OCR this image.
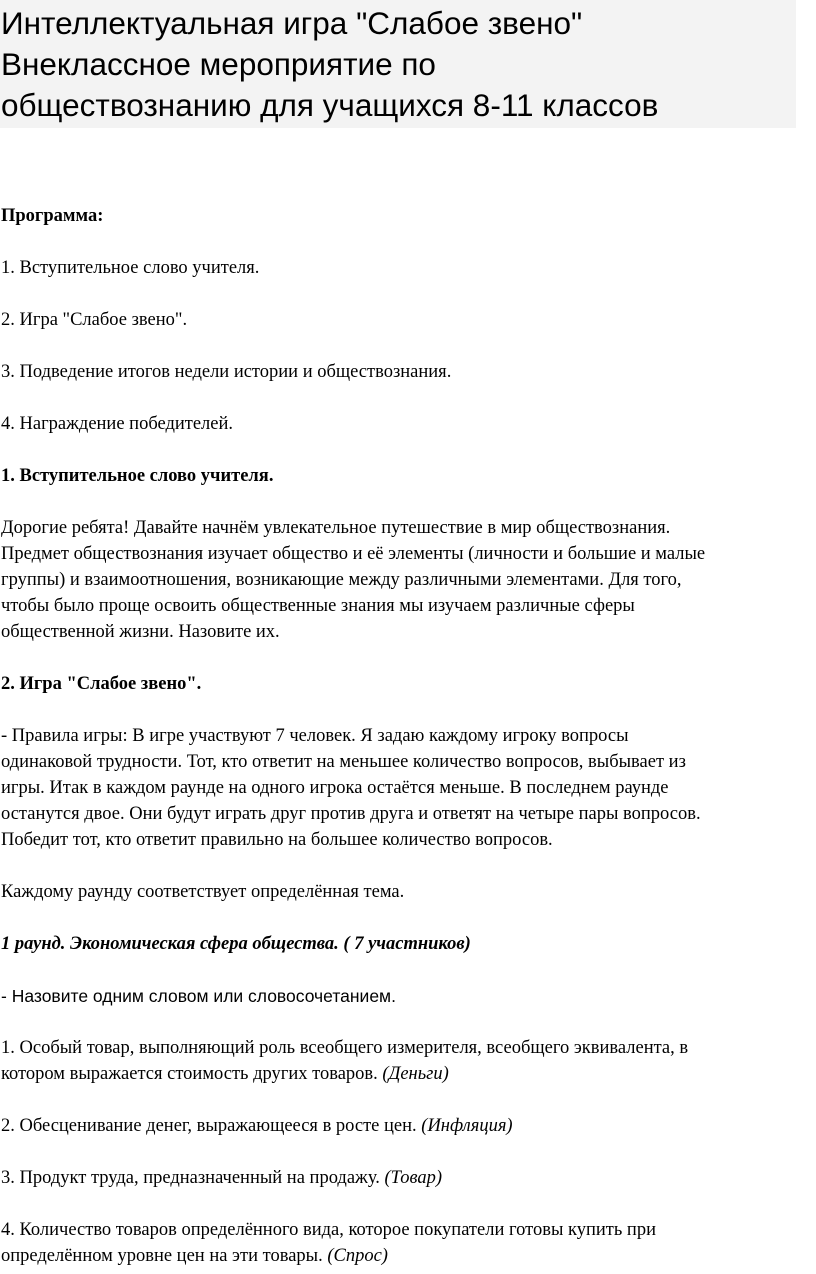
Интеллектуальная игра "Слабое звено"
Внеклассное мероприятие по
обществознанию для учащихся 8-11 классов

Программа:

1. Вступительное слово учителя.

2. Игра "Слабое звено".

3. Подведение итогов недели истории и обществознания.

4. Награждение победителей.

1. Вступительное слово учителя.

Дорогие ребята! Давайте начнём увлекательное путешествие в мир обществознания.
Предмет обществознания изучает общество и её элементы (личности и большие и малые
группы) и взаимоотношения, возникающие между различными элементами. Для того,
чтобы было проще освоить общественные знания мы изучаем различные сферы
общественной жизни. Назовите их.

2. Игра "Слабое звено".

- Правила игры: В игре участвуют 7 человек. Я задаю каждому игроку вопросы
одинаковой трудности. Тот, кто ответит на меньшее количество вопросов, выбывает из
игры. Итак в каждом раунде на одного игрока остаётся меньше. В последнем раунде
останутся двое. Они будут играть друг против друга и ответят на четыре пары вопросов.
Победит тот, кто ответит правильно на большее количество вопросов.

Каждому раунду соответствует определённая тема.

1 раунд. Экономическая сфера общества. ( 7 участников)

- Назовите одним словом или словосочетанием.

1. Особый товар, выполняющий роль всеобщего измерителя, всеобщего эквивалента, в
котором выражается стоимость других товаров. (Деньги)

2. Обесценивание денег, выражающееся в росте цен. (Инфляция)

3. Продукт труда, предназначенный на продажу. (Товар)

4. Количество товаров определённого вида, которое покупатели готовы купить при
определённом уровне цен на эти товары. (Спрос)
